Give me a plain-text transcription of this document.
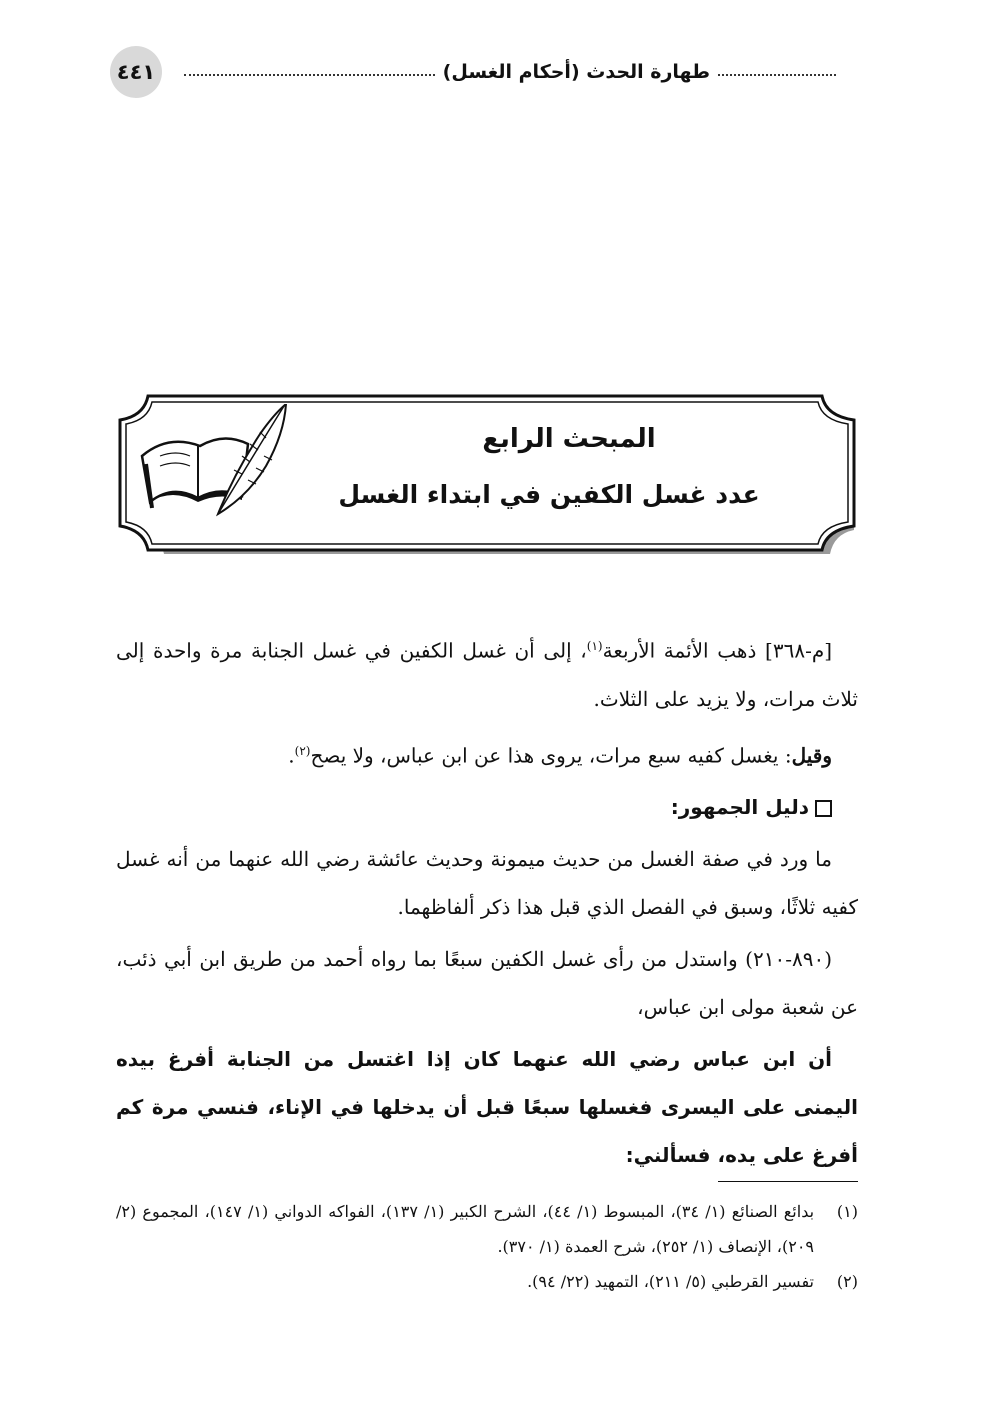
٤٤١	طهارة الحدث (أحكام الغسل)
المبحث الرابع
عدد غسل الكفين في ابتداء الغسل

[م-٣٦٨] ذهب الأئمة الأربعة$^{(١)}$، إلى أن غسل الكفين في غسل الجنابة مرة واحدة إلى ثلاث مرات، ولا يزيد على الثلاث.

وقيل: يغسل كفيه سبع مرات، يروى هذا عن ابن عباس، ولا يصح$^{(٢)}$.

دليل الجمهور:

ما ورد في صفة الغسل من حديث ميمونة وحديث عائشة رضي الله عنهما من أنه غسل كفيه ثلاثًا، وسبق في الفصل الذي قبل هذا ذكر ألفاظهما.

(٨٩٠-٢١٠) واستدل من رأى غسل الكفين سبعًا بما رواه أحمد من طريق ابن أبي ذئب، عن شعبة مولى ابن عباس،

أن ابن عباس رضي الله عنهما كان إذا اغتسل من الجنابة أفرغ بيده اليمنى على اليسرى فغسلها سبعًا قبل أن يدخلها في الإناء، فنسي مرة كم أفرغ على يده، فسألني:

(١)
بدائع الصنائع (١/ ٣٤)، المبسوط (١/ ٤٤)، الشرح الكبير (١/ ١٣٧)، الفواكه الدواني (١/ ١٤٧)، المجموع (٢/ ٢٠٩)، الإنصاف (١/ ٢٥٢)، شرح العمدة (١/ ٣٧٠).
(٢)
تفسير القرطبي (٥/ ٢١١)، التمهيد (٢٢/ ٩٤).
